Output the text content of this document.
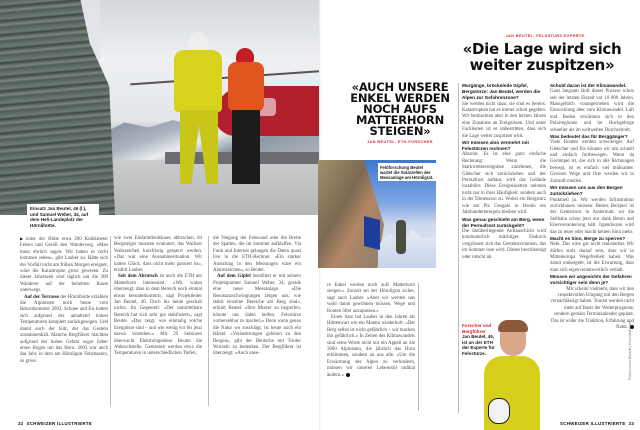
Einsatz Jan Beutel, 46 (l.), und Samuel Weber, 34, auf dem Heli-Landeplatz der Hörnlihütte.

▶unter der Hütte etwa 200 Kubikmeter Felsen und Geröll den Wanderweg. «Man muss ehrlich sagen: Wir haben es nicht kommen sehen», gibt Lauber zu. Hätte sich der Vorfall nicht am frühen Morgen ereignet, wäre die Katastrophe gross gewesen. Zu dieser Jahreszeit sind täglich um die 300 Wanderer auf der beliebten Route unterwegs.

Auf der Terrasse der Hörnlihütte erzählen die Alpinisten noch heute vom Rekordsommer 2003. Schnee und Eis hatten sich aufgrund der anhaltend hohen Temperaturen komplett zurückgezogen. Und damit auch der Kitt, der das Gestein zusammenhält. Manche Bergführer machten aufgrund der hohen Gefahr sogar lieber einen Bogen um das Horu. 2003 war auch das Jahr, in dem am Hörnligrat Felsmassen, so gross

wie zwei Einfamilienhäuser, abbrachen. 84 Bergsteiger mussten evakuiert, das Walliser Wahrzeichen kurzfristig gesperrt werden. «Das war eine Ausnahmesituation. Wir hatten Glück, dass nicht mehr passiert ist», erzählt Lauber.

Seit dem Abrutsch ist auch die ETH am Matterhorn interessiert. «Wir waren überzeugt, dass in dem Bereich noch einmal etwas herunterkommt», sagt Projektleiter Jan Beutel, 46. Doch bis heute geschah nichts. Im Gegenteil: «Der unmittelbare Bereich hat sich sehr gut stabilisiert», sagt Beutel. «Das zeigt, wie einmalig solche Ereignisse sind – und wie wenig wir bis jetzt davon verstehen.» Mit 29 Sensoren überwacht Elektroingenieur Beutel die Abbruchstelle. Gemessen werden etwa die Temperaturen in unterschiedlichen Tiefen,

die Neigung der Felswand oder die Breite der Spalten, die im Sommer aufklaffen. Via Funk und Internet gelangen die Daten quasi live in die ETH-Rechner. «Ein starker Ausschlag in den Messungen wäre ein Alarmzeichen», so Beutel.

Auf dem Gipfel installiert er mit seinem Projektpartner Samuel Weber, 34, gerade eine neue Messanlage. «Die Resonanzschwingungen zeigen uns, wie stabil einzelne Bereiche am Berg sind», erklärt Beutel. «Ihre Muster zu begreifen, könnte uns dabei helfen, Felsstürze vorhersehbar zu machen.» Denn wann genau die Natur wo zuschlägt, ist heute noch ein Rätsel. «Veränderungen gehören zu den Bergen», gibt der Deutsche mit Tiroler Wurzeln zu bedenken. Der Bergführer ist überzeugt: «Auch unse-

32 SCHWEIZER ILLUSTRIERTE
«AUCH UNSERE ENKEL WERDEN NOCH AUFS MATTERHORN STEIGEN»
JAN BEUTEL, ETH-FORSCHER
Feldforschung Beutel wartet die Solarzellen der Messanlage am Hörnligrat.

re Enkel werden noch aufs Matterhorn steigen.» Zurzeit sei der Hörnligrat sicher, sagt auch Lauber. «Aber wir werden uns wohl daran gewöhnen müssen, Wege und Routen öfter anzupassen.»

Einen Satz hat Lauber in den Jahren als Hüttenwart wie ein Mantra wiederholt: «Der Berg selbst ist nicht gefährlich – wir machen ihn gefährlich.» In Zeiten des Klimawandels sind seine Worte nicht nur ein Appell an die 3000 Alpinisten, die jährlich das Horu erklimmen, sondern an uns alle. «Um die Erwärmung der Alpen zu verhindern, müssen wir unseren Lebensstil radikal ändern.»

JAN BEUTEL, FELSSTURZ-EXPERTE
«Die Lage wird sich weiter zuspitzen»

Murgänge, bröckelnde Gipfel, Bergstürze: Jan Beutel, werden die Alpen zur Gefahrenzone?

Sie werden nicht dazu, sie sind es bereits. Katastrophen hat es immer schon gegeben. Wir beobachten aber in den letzten Jahren eine Zunahme an Ereignissen. Und unter Fachleuten ist es unbestritten, dass sich die Lage weiter zuspitzen wird.

Wir müssen also vermehrt mit Felsstürzen rechnen?

Absolut. Es ist eine ganz einfache Rechnung: Wenn die Starkwetterereignisse zunehmen, die Gletscher sich zurückziehen und der Permafrost auftaut, wird das Gelände instabiler. Diese Ereignisketten nehmen nicht nur in ihrer Häufigkeit, sondern auch in der Dimension zu. Wobei ein Bergsturz wie am Piz Cengalo in Bondo ein Jahrhundertereignis bleiben wird.

Was genau geschieht am Berg, wenn der Permafrost zurückgeht?

Die darüberliegende Auftauschicht wird kontinuierlich mächtiger. Dadurch vergrössert sich das Gesteinsvolumen, das im Sommer lose wird. Dieses beschleunigt oder rutscht ab.

Schuld daran ist der Klimawandel.

Ganz langsam läuft dieser Prozess schon seit der letzten Eiszeit vor 10 000 Jahren. Massgeblich vorangetrieben wird die Entwicklung aber vom Klimawandel. Luft und Boden erwärmen sich in den Polarregionen und im Hochgebirge schneller als im weltweiten Durchschnitt.

Was bedeutet das für Berggänger?

Viele Routen werden schwieriger. Auf Gletscher und Eis können wir uns schnell und einfach fortbewegen. Wenn da Gerümpel ist, das sich in alle Richtungen bewegt, ist es einfach viel mühsamer. Gewisse Wege und Orte werden wir in Zukunft meiden.

Wir müssen uns aus den Bergen zurückziehen?

Punktuell ja. Wir werden Infrastruktur zurückbauen müssen. Bestes Beispiel ist der Gemsstock in Andermatt, wo die Seilbahn schon jetzt nur dank Beton und Eisenverankerung hält. Irgendwann wird das zu teuer oder macht keinen Sinn mehr.

Macht es Sinn, Berge zu sperren?

Nein. Das wäre gar nicht realisierbar. Wir dürfen stolz darauf sein, dass wir in Mitteleuropa Wegefreiheit haben. Was damit einhergeht, ist die Erwartung, dass man sich eigenverantwortlich verhält.

Müssen wir angesichts der Gefahren vorsichtiger sein denn je?

Mir scheint vielmehr, dass wir den respektvollen Umgang mit den Bergen vernachlässigt haben. Touren werden nicht mehr auf Basis der Wetterprognose, sondern gemäss Terminkalender geplant. Das ist wider die Tradition, Erfahrung und Natur.

Forscher und Bergführer
Jan Beutel, 46, ist an der ETH der Experte für Felsstürze.	Fotos Lorenz Bäuerle | Freundeslichten
SCHWEIZER ILLUSTRIERTE 33
